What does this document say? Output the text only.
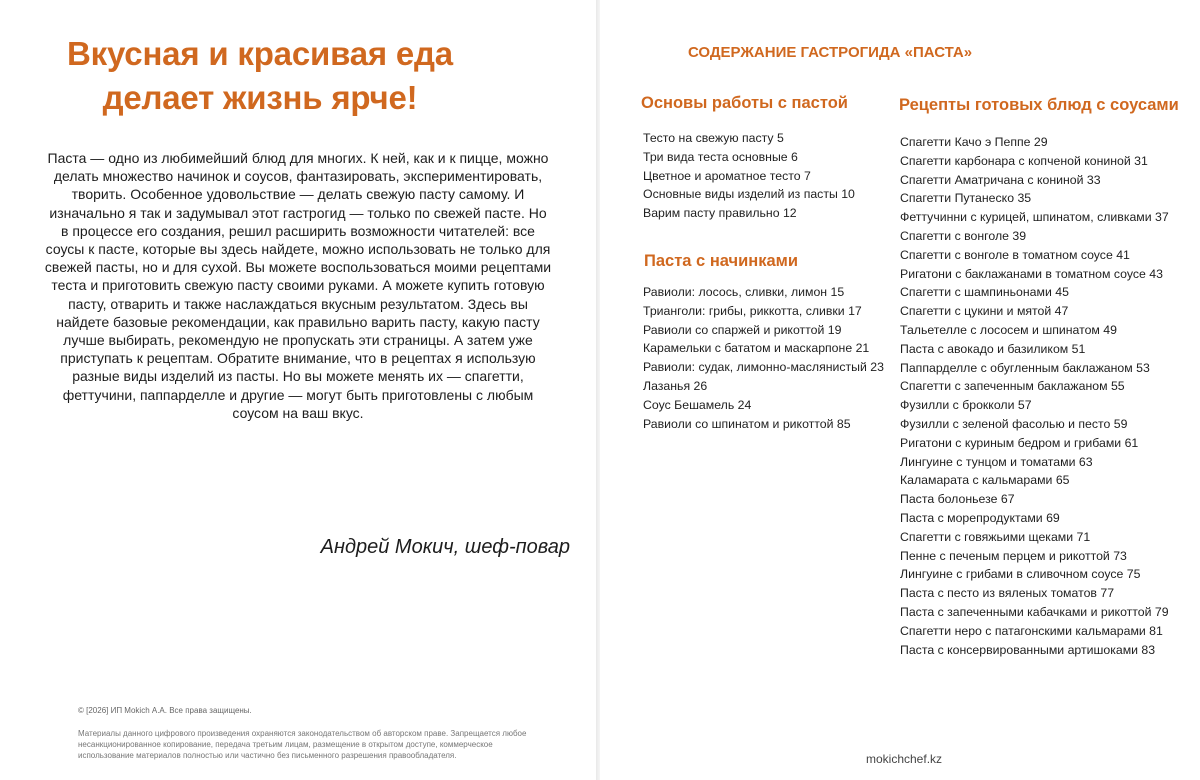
Вкусная и красивая еда
делает жизнь ярче!

Паста — одно из любимейший блюд для многих. К ней, как и к пицце, можно делать множество начинок и соусов, фантазировать, экспериментировать, творить. Особенное удовольствие — делать свежую пасту самому. И изначально я так и задумывал этот гастрогид — только по свежей пасте. Но в процессе его создания, решил расширить возможности читателей: все соусы к пасте, которые вы здесь найдете, можно использовать не только для свежей пасты, но и для сухой. Вы можете воспользоваться моими рецептами теста и приготовить свежую пасту своими руками. А можете купить готовую пасту, отварить и также наслаждаться вкусным результатом. Здесь вы найдете базовые рекомендации, как правильно варить пасту, какую пасту лучше выбирать, рекомендую не пропускать эти страницы. А затем уже приступать к рецептам. Обратите внимание, что в рецептах я использую разные виды изделий из пасты. Но вы можете менять их — спагетти, феттучини, паппарделле и другие — могут быть приготовлены с любым соусом на ваш вкус.

Андрей Мокич, шеф-повар

© [2026] ИП Mokich А.А. Все права защищены.

Материалы данного цифрового произведения охраняются законодательством об авторском праве. Запрещается любое несанкционированное копирование, передача третьим лицам, размещение в открытом доступе, коммерческое использование материалов полностью или частично без письменного разрешения правообладателя.

СОДЕРЖАНИЕ ГАСТРОГИДА «ПАСТА»
Основы работы с пастой
Тесто на свежую пасту 5
Три вида теста основные 6
Цветное и ароматное тесто 7
Основные виды изделий из пасты 10
Варим пасту правильно 12
Паста с начинками
Равиоли: лосось, сливки, лимон 15
Трианголи: грибы, риккотта, сливки 17
Равиоли со спаржей и рикоттой 19
Карамельки с бататом и маскарпоне 21
Равиоли: судак, лимонно-маслянистый 23
Лазанья 26
Соус Бешамель 24
Равиоли со шпинатом и рикоттой 85
Рецепты готовых блюд с соусами
Спагетти Качо э Пеппе 29
Спагетти карбонара с копченой кониной 31
Спагетти Аматричана с кониной 33
Спагетти Путанеско 35
Феттучинни с курицей, шпинатом, сливками 37
Спагетти с вонголе 39
Спагетти с вонголе в томатном соусе 41
Ригатони с баклажанами в томатном соусе 43
Спагетти с шампиньонами 45
Спагетти с цукини и мятой 47
Тальетелле с лососем и шпинатом 49
Паста с авокадо и базиликом 51
Паппарделле с обугленным баклажаном 53
Спагетти с запеченным баклажаном 55
Фузилли с брокколи 57
Фузилли с зеленой фасолью и песто 59
Ригатони с куриным бедром и грибами 61
Лингуине с тунцом и томатами 63
Каламарата с кальмарами 65
Паста болоньезе 67
Паста с морепродуктами 69
Спагетти с говяжьими щеками 71
Пенне с печеным перцем и рикоттой 73
Лингуине с грибами в сливочном соусе 75
Паста с песто из вяленых томатов 77
Паста с запеченными кабачками и рикоттой 79
Спагетти неро с патагонскими кальмарами 81
Паста с консервированными артишоками 83

mokichchef.kz
